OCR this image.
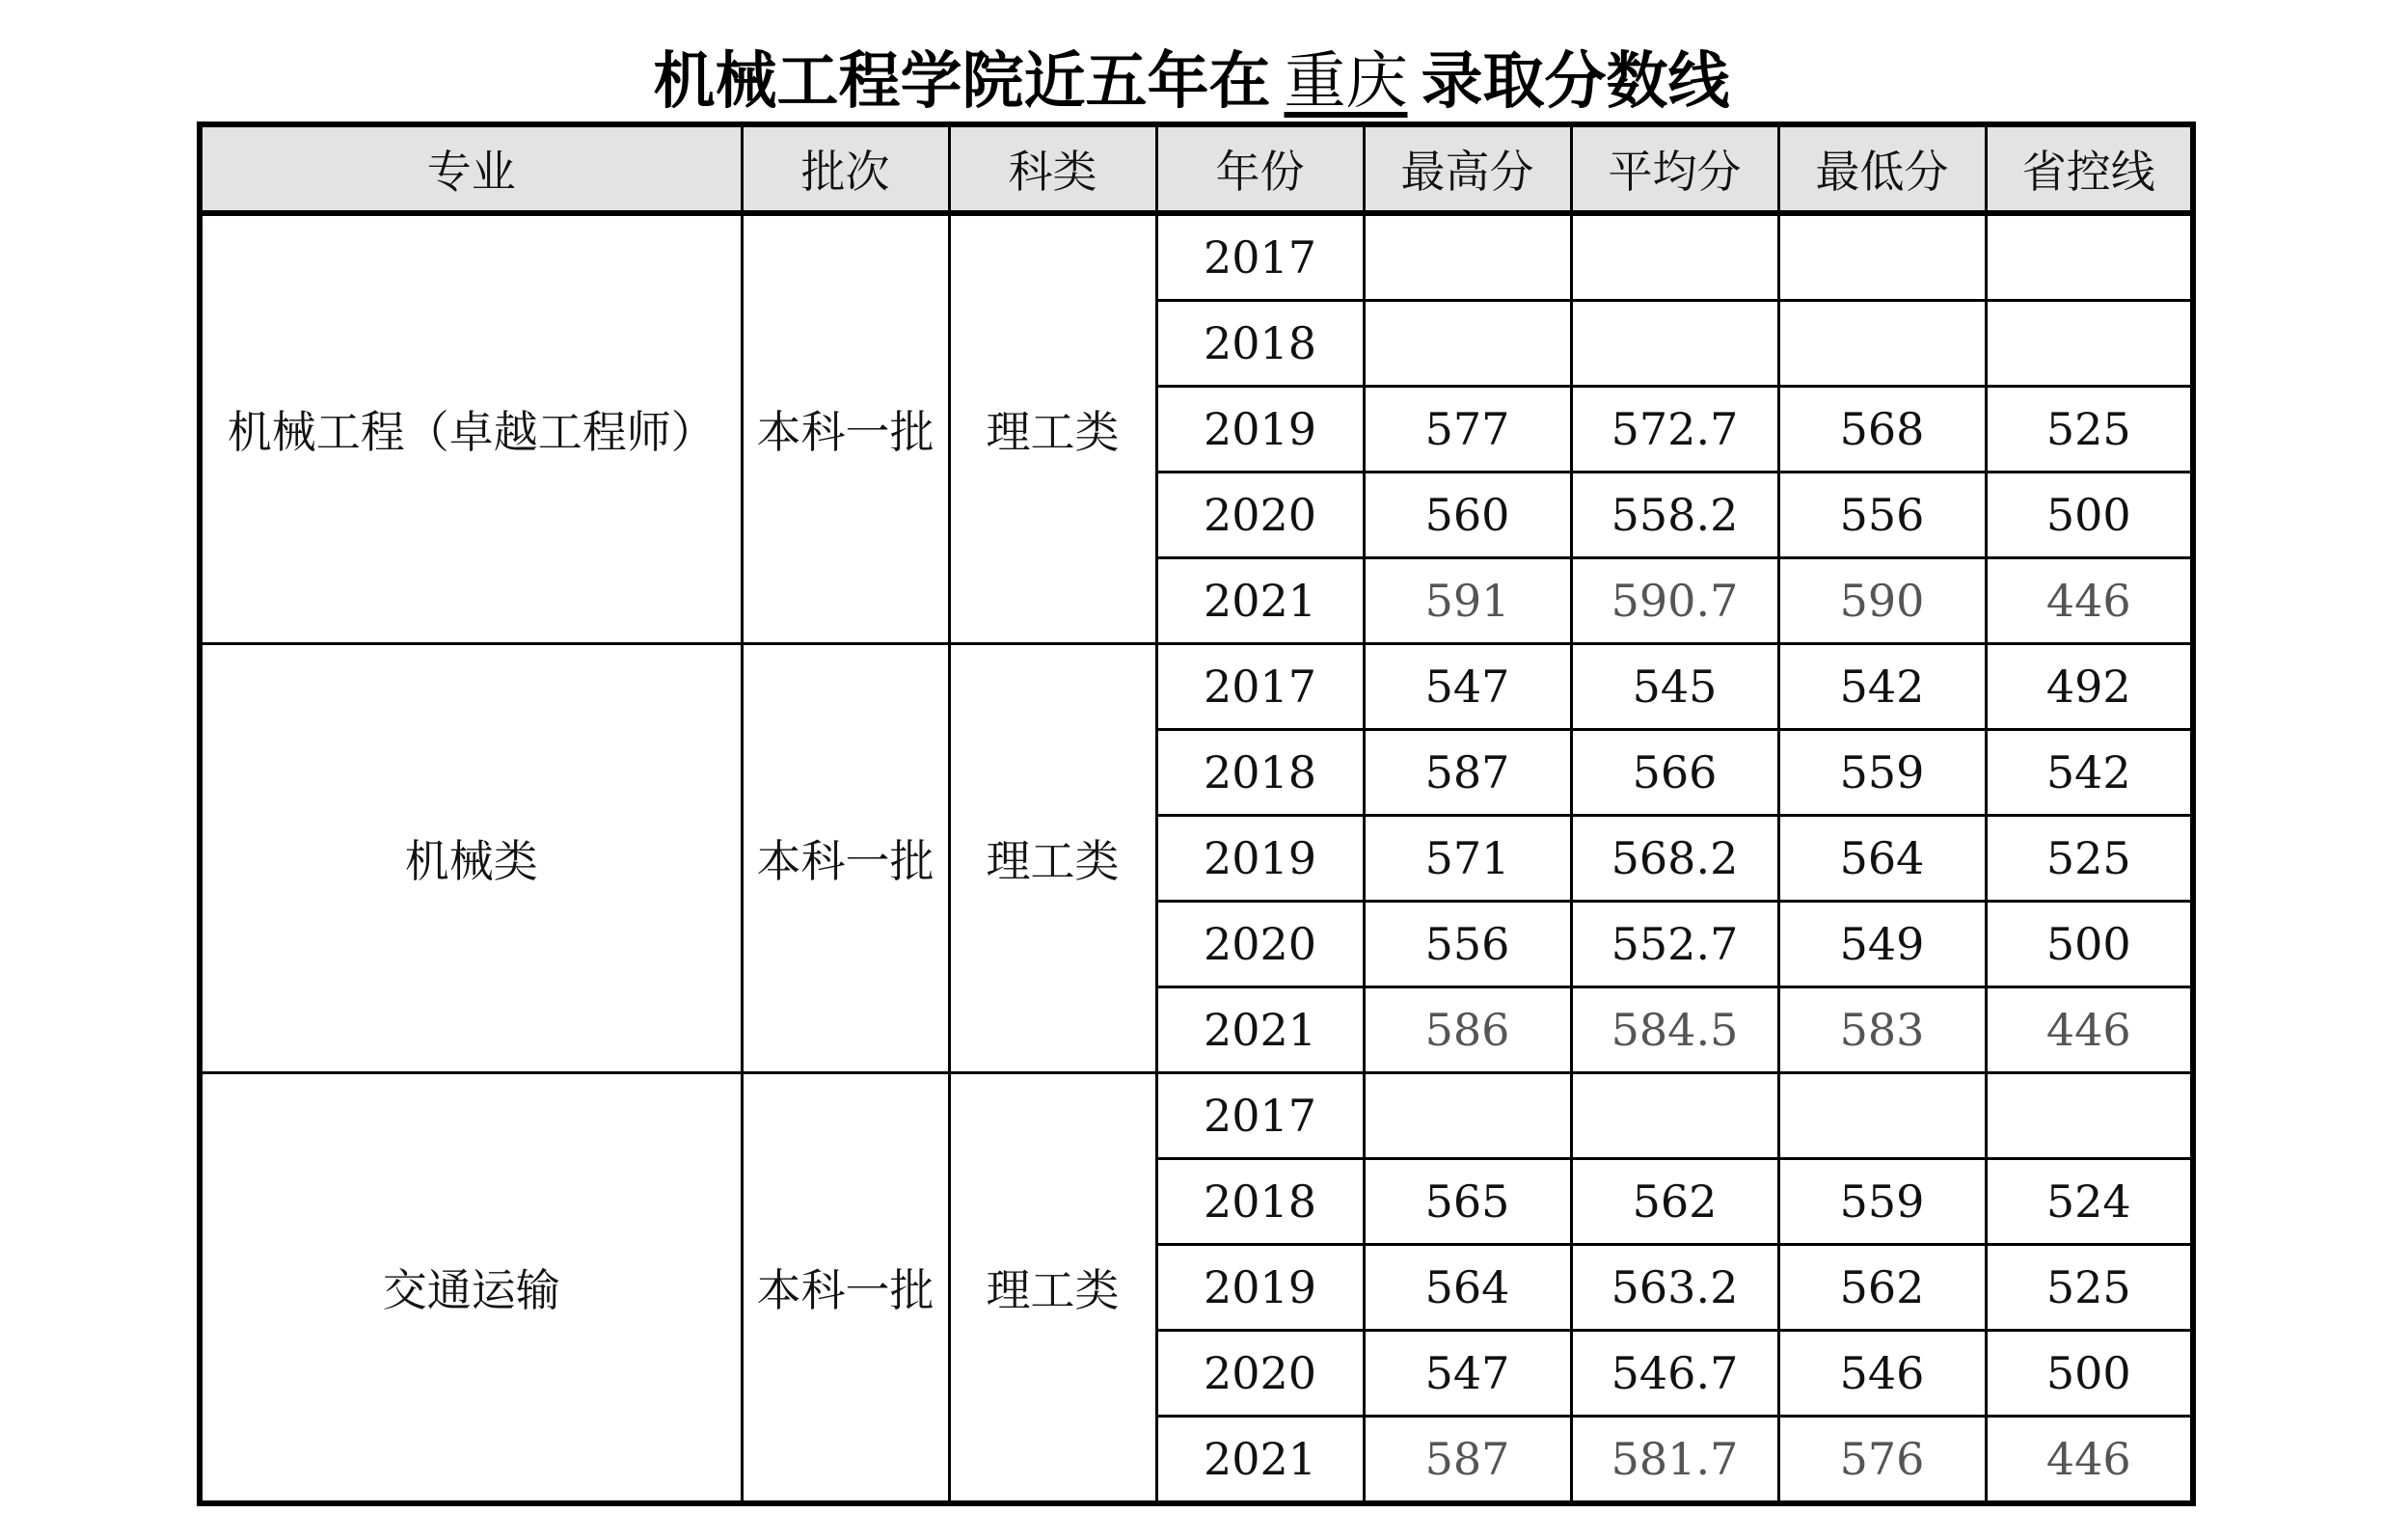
机械工程学院近五年在 重庆 录取分数线
专业	批次	科类	年份	最高分	平均分	最低分	省控线
机械工程（卓越工程师）	本科一批	理工类	2017				
			2018				
			2019	577	572.7	568	525
			2020	560	558.2	556	500
			2021	591	590.7	590	446
机械类	本科一批	理工类	2017	547	545	542	492
			2018	587	566	559	542
			2019	571	568.2	564	525
			2020	556	552.7	549	500
			2021	586	584.5	583	446
交通运输	本科一批	理工类	2017				
			2018	565	562	559	524
			2019	564	563.2	562	525
			2020	547	546.7	546	500
			2021	587	581.7	576	446
